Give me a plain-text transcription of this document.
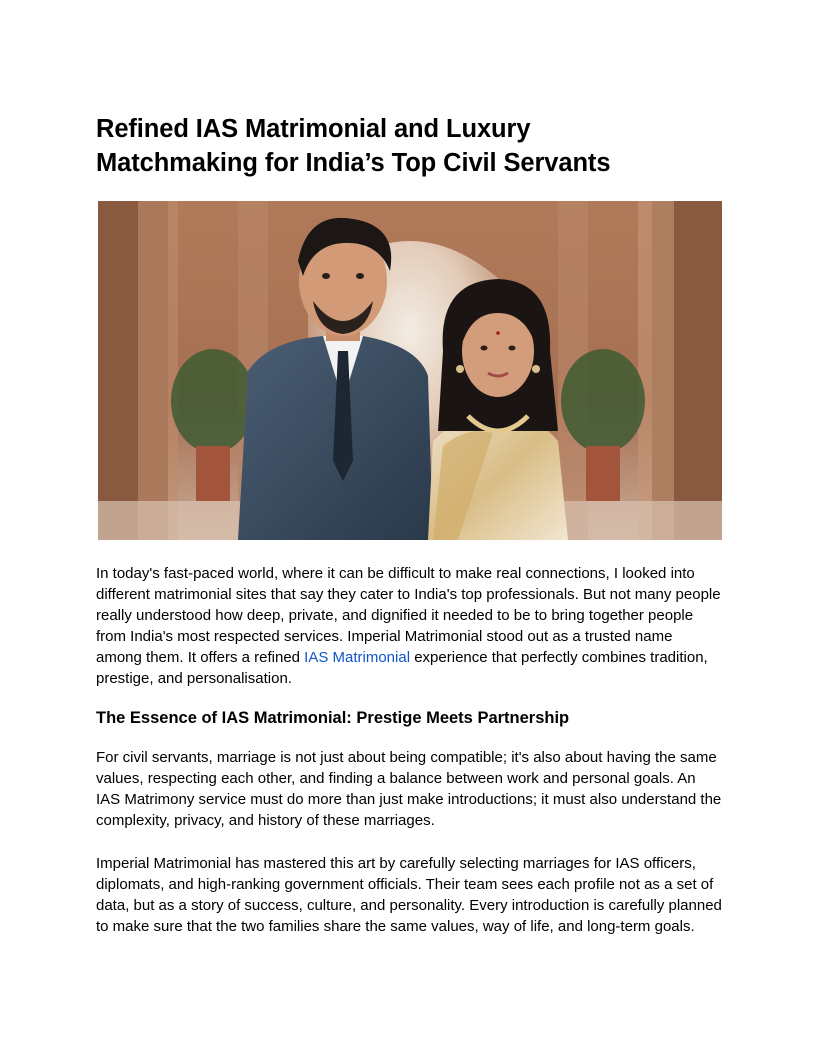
Refined IAS Matrimonial and Luxury
Matchmaking for India’s Top Civil Servants

In today's fast-paced world, where it can be difficult to make real connections, I looked into different matrimonial sites that say they cater to India's top professionals. But not many people really understood how deep, private, and dignified it needed to be to bring together people from India's most respected services. Imperial Matrimonial stood out as a trusted name among them. It offers a refined IAS Matrimonial experience that perfectly combines tradition, prestige, and personalisation.

The Essence of IAS Matrimonial: Prestige Meets Partnership

For civil servants, marriage is not just about being compatible; it's also about having the same values, respecting each other, and finding a balance between work and personal goals. An IAS Matrimony service must do more than just make introductions; it must also understand the complexity, privacy, and history of these marriages.

Imperial Matrimonial has mastered this art by carefully selecting marriages for IAS officers, diplomats, and high-ranking government officials. Their team sees each profile not as a set of data, but as a story of success, culture, and personality. Every introduction is carefully planned to make sure that the two families share the same values, way of life, and long-term goals.
